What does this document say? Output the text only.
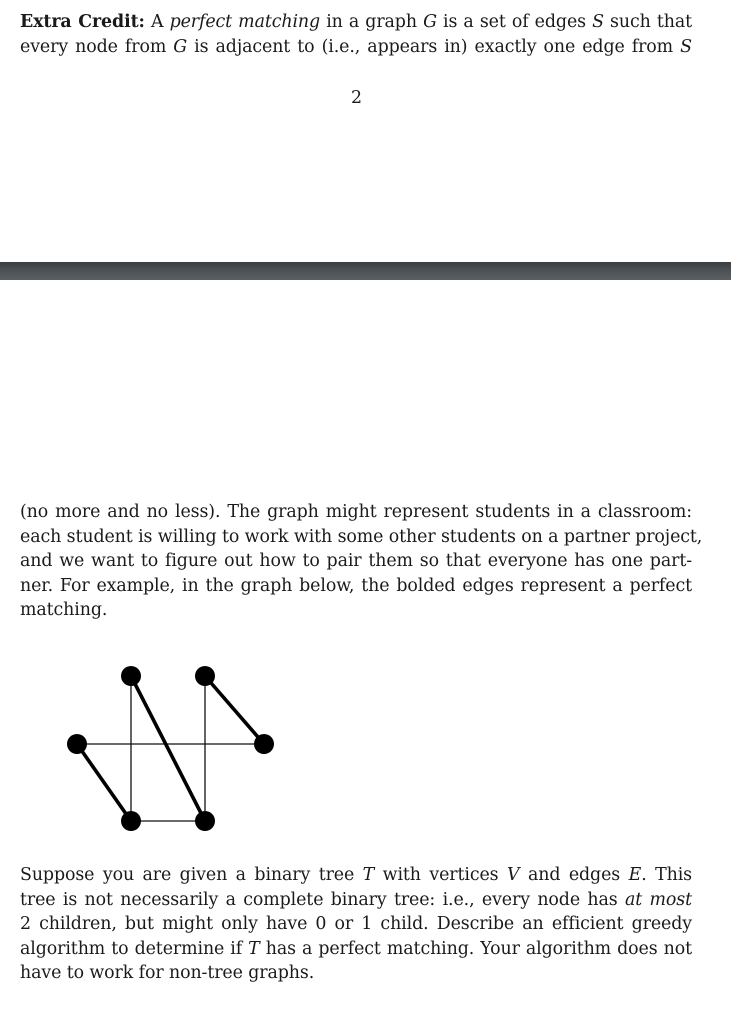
Extra Credit: A perfect matching in a graph G is a set of edges S such that
every node from G is adjacent to (i.e., appears in) exactly one edge from S

2

(no more and no less). The graph might represent students in a classroom:
each student is willing to work with some other students on a partner project,
and we want to figure out how to pair them so that everyone has one part-
ner. For example, in the graph below, the bolded edges represent a perfect
matching.

Suppose you are given a binary tree T with vertices V and edges E. This
tree is not necessarily a complete binary tree: i.e., every node has at most
2 children, but might only have 0 or 1 child. Describe an efficient greedy
algorithm to determine if T has a perfect matching. Your algorithm does not
have to work for non-tree graphs.
